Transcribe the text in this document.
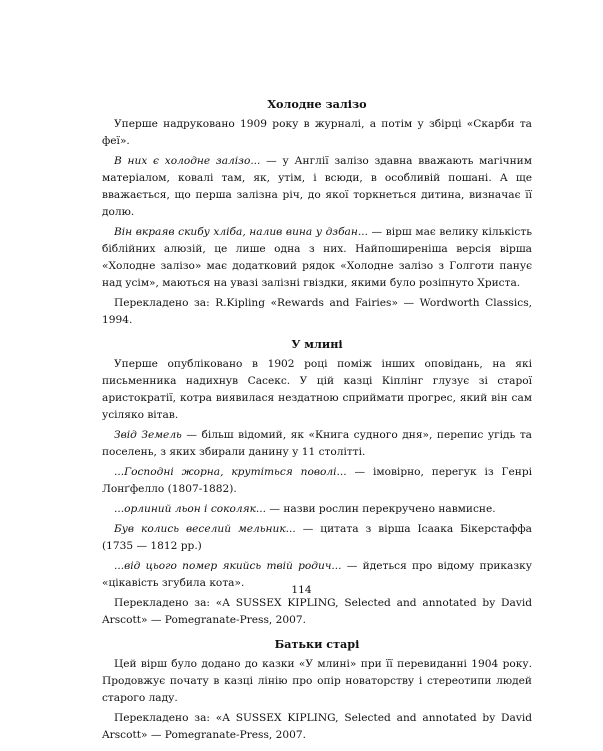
Холодне залізо

Уперше надруковано 1909 року в журналі, а потім у збірці «Скарби та феї».

В них є холодне залізо... — у Англії залізо здавна вважають магічним матеріалом, ковалі там, як, утім, і всюди, в особливій пошані. А ще вважається, що перша залізна річ, до якої торкнеться дитина, визначає її долю.

Він вкраяв скибу хліба, налив вина у дзбан... — вірш має велику кількість біблійних алюзій, це лише одна з них. Найпоширеніша версія вірша «Холодне залізо» має додатковий рядок «Холодне залізо з Голготи панує над усім», маються на увазі залізні гвіздки, якими було розіпнуто Христа.

Перекладено за: R.Kipling «Rewards and Fairies» — Wordworth Classics, 1994.

У млині

Уперше опубліковано в 1902 році поміж інших оповідань, на які письменника надихнув Сасекс. У цій казці Кіплінг глузує зі старої аристократії, котра виявилася нездатною сприймати прогрес, який він сам усіляко вітав.

Звід Земель — більш відомий, як «Книга судного дня», перепис угідь та поселень, з яких збирали данину у 11 столітті.

...Господні жорна, крутіться поволі... — імовірно, перегук із Генрі Лонґфелло (1807-1882).

...орлиний льон і соколяк... — назви рослин перекручено навмисне.

Був колись веселий мельник... — цитата з вірша Ісаака Бікерстаффа (1735 — 1812 рр.)

...від цього помер якийсь твій родич... — йдеться про відому приказку «цікавість згубила кота».

Перекладено за: «A SUSSEX KIPLING, Selected and annotated by David Arscott» — Pomegranate-Press, 2007.

Батьки старі

Цей вірш було додано до казки «У млині» при її перевиданні 1904 року. Продовжує почату в казці лінію про опір новаторству і стереотипи людей старого ладу.

Перекладено за: «A SUSSEX KIPLING, Selected and annotated by David Arscott» — Pomegranate-Press, 2007.

114
